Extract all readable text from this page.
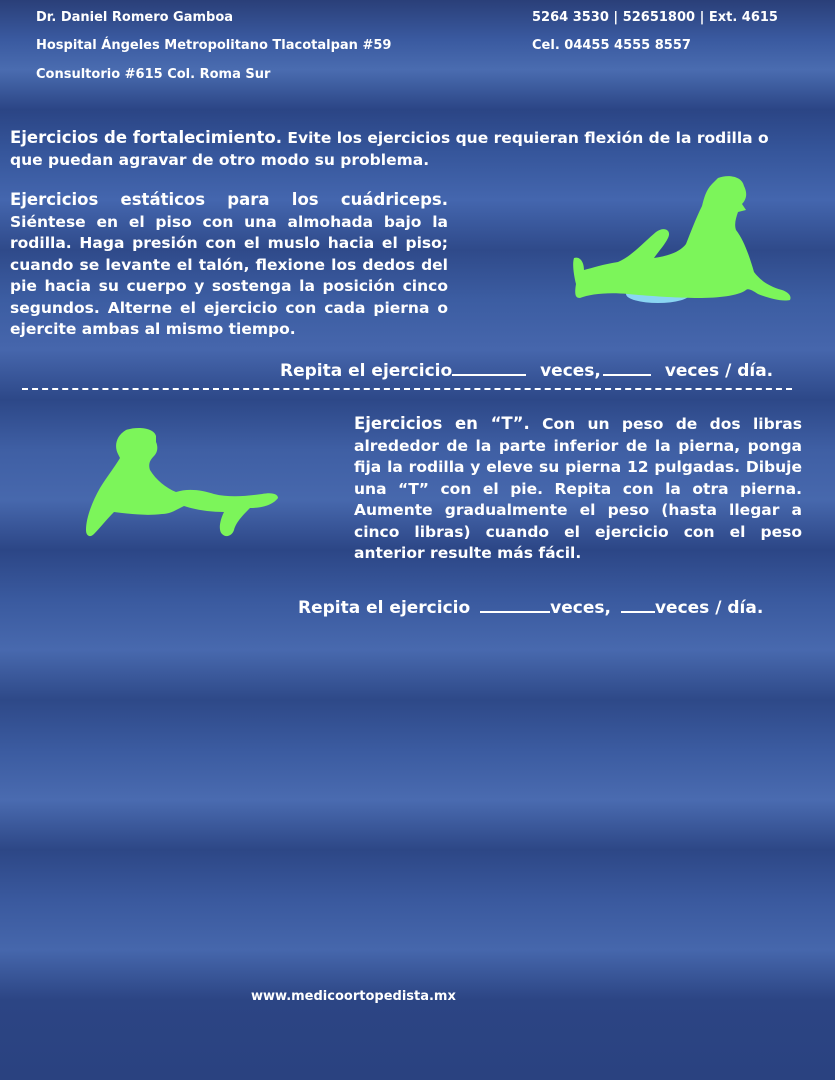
Dr. Daniel Romero Gamboa
Hospital Ángeles Metropolitano Tlacotalpan #59
Consultorio #615 Col. Roma Sur
5264 3530 | 52651800 | Ext. 4615
Cel. 04455 4555 8557
Ejercicios de fortalecimiento. Evite los ejercicios que requieran flexión de la rodilla o que puedan agravar de otro modo su problema.
Ejercicios estáticos para los cuádriceps. Siéntese en el piso con una almohada bajo la rodilla. Haga presión con el muslo hacia el piso; cuando se levante el talón, flexione los dedos del pie hacia su cuerpo y sostenga la posición cinco segundos. Alterne el ejercicio con cada pierna o ejercite ambas al mismo tiempo.
Repita el ejercicio	veces,	veces / día.
Ejercicios en “T”. Con un peso de dos libras alrededor de la parte inferior de la pierna, ponga fija la rodilla y eleve su pierna 12 pulgadas. Dibuje una “T” con el pie. Repita con la otra pierna. Aumente gradualmente el peso (hasta llegar a cinco libras) cuando el ejercicio con el peso anterior resulte más fácil.
Repita el ejercicio	veces,	veces / día.
www.medicoortopedista.mx
